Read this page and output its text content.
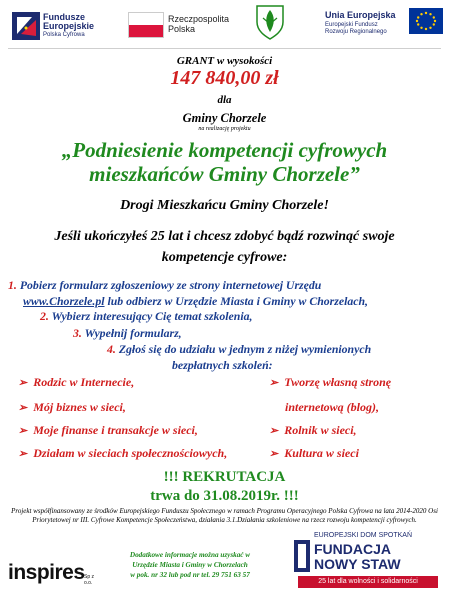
Fundusze
Europejskie
Polska Cyfrowa
Rzeczpospolita
Polska
Unia Europejska
Europejski Fundusz
Rozwoju Regionalnego
GRANT w wysokości
147 840,00 zł
dla
Gminy Chorzele
na realizację projektu
„Podniesienie kompetencji cyfrowych
mieszkańców Gminy Chorzele”
Drogi Mieszkańcu Gminy Chorzele!
Jeśli ukończyłeś 25 lat i chcesz zdobyć bądź rozwinąć swoje
kompetencje cyfrowe:
1. Pobierz formularz zgłoszeniowy ze strony internetowej Urzędu
www.Chorzele.pl lub odbierz w Urzędzie Miasta i Gminy w Chorzelach,
2. Wybierz interesujący Cię temat szkolenia,
3. Wypełnij formularz,
4. Zgłoś się do udziału w jednym z niżej wymienionych
bezpłatnych szkoleń:
➢ Rodzic w Internecie,
➢ Mój biznes w sieci,
➢ Moje finanse i transakcje w sieci,
➢ Działam w sieciach społecznościowych,
➢ Tworzę własną stronę
internetową (blog),
➢ Rolnik w sieci,
➢ Kultura w sieci
!!! REKRUTACJA
trwa do 31.08.2019r. !!!
Projekt współfinansowany ze środków Europejskiego Funduszu Społecznego w ramach Programu Operacyjnego Polska Cyfrowa na lata 2014-2020 Osi Priorytetowej nr III. Cyfrowe Kompetencje Społeczeństwa, działania 3.1.Działania szkoleniowe na rzecz rozwoju kompetencji cyfrowych.
inspires Sp z o.o.
Dodatkowe informacje można uzyskać w
Urzędzie Miasta i Gminy w Chorzelach
w pok. nr 32 lub pod nr tel. 29 751 63 57
EUROPEJSKI DOM SPOTKAŃ
FUNDACJA
NOWY STAW
25 lat dla wolności i solidarności
